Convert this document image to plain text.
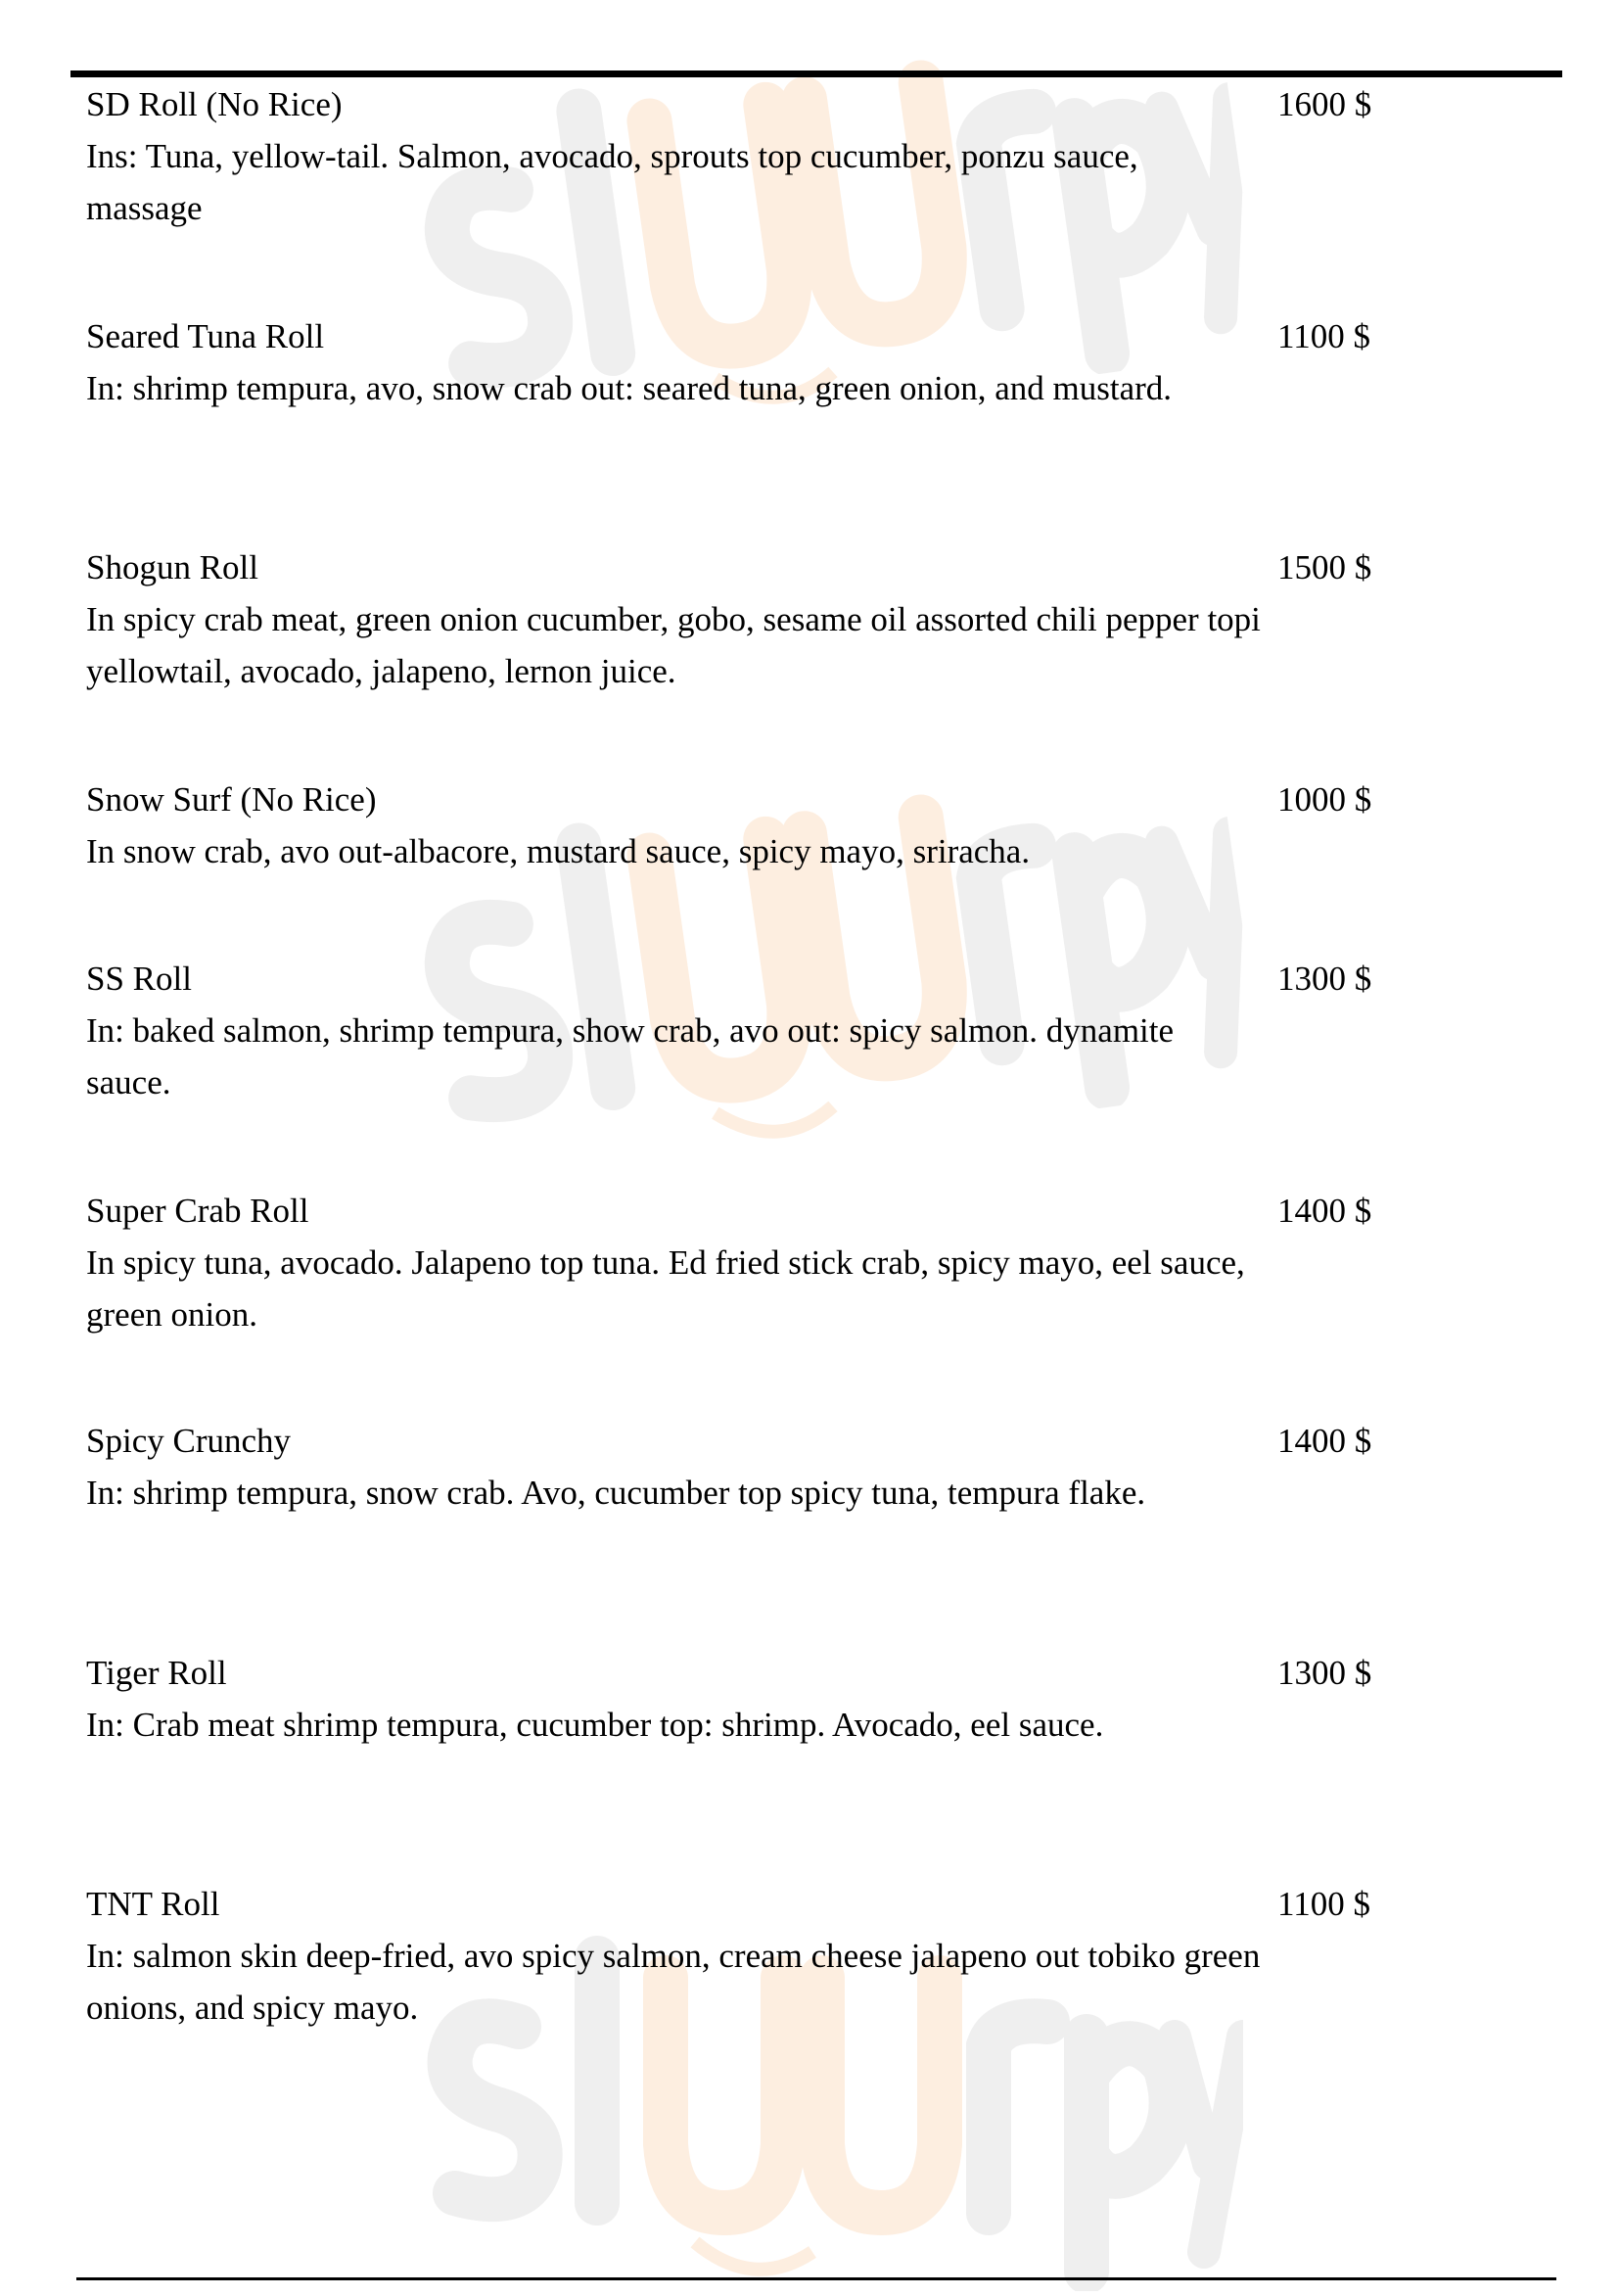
SD Roll (No Rice)
Ins: Tuna, yellow-tail. Salmon, avocado, sprouts top cucumber, ponzu sauce, massage
1600 $
Seared Tuna Roll
In: shrimp tempura, avo, snow crab out: seared tuna, green onion, and mustard.
1100 $
Shogun Roll
In spicy crab meat, green onion cucumber, gobo, sesame oil assorted chili pepper topi yellowtail, avocado, jalapeno, lernon juice.
1500 $
Snow Surf (No Rice)
In snow crab, avo out-albacore, mustard sauce, spicy mayo, sriracha.
1000 $
SS Roll
In: baked salmon, shrimp tempura, show crab, avo out: spicy salmon. dynamite sauce.
1300 $
Super Crab Roll
In spicy tuna, avocado. Jalapeno top tuna. Ed fried stick crab, spicy mayo, eel sauce, green onion.
1400 $
Spicy Crunchy
In: shrimp tempura, snow crab. Avo, cucumber top spicy tuna, tempura flake.
1400 $
Tiger Roll
In: Crab meat shrimp tempura, cucumber top: shrimp. Avocado, eel sauce.
1300 $
TNT Roll
In: salmon skin deep-fried, avo spicy salmon, cream cheese jalapeno out tobiko green onions, and spicy mayo.
1100 $
